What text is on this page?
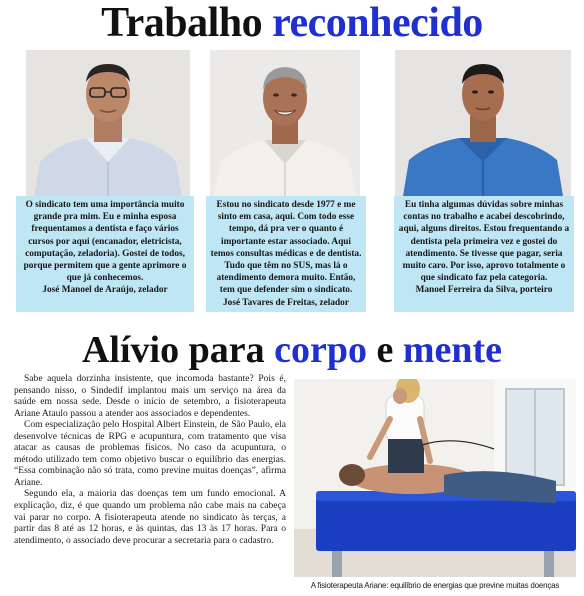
Trabalho reconhecido
O sindicato tem uma importância muito grande pra mim. Eu e minha esposa frequentamos a dentista e faço vários cursos por aqui (encanador, eletricista, computação, zeladoria). Gostei de todos, porque permitem que a gente aprimore o que já conhecemos.
José Manoel de Araújo, zelador
Estou no sindicato desde 1977 e me sinto em casa, aqui. Com todo esse tempo, dá pra ver o quanto é importante estar associado. Aqui temos consultas médicas e de dentista. Tudo que têm no SUS, mas lá o atendimento demora muito. Então, tem que defender sim o sindicato.
José Tavares de Freitas, zelador
Eu tinha algumas dúvidas sobre minhas contas no trabalho e acabei descobrindo, aqui, alguns direitos. Estou frequentando a dentista pela primeira vez e gostei do atendimento. Se tivesse que pagar, seria muito caro. Por isso, aprovo totalmente o que sindicato faz pela categoria.
Manoel Ferreira da Silva, porteiro
Alívio para corpo e mente

Sabe aquela dorzinha insistente, que incomoda bastante? Pois é, pensando nisso, o Sindedif implantou mais um serviço na área da saúde em nossa sede. Desde o início de setembro, a fisioterapeuta Ariane Ataulo passou a atender aos associados e dependentes.

Com especialização pelo Hospital Albert Einstein, de São Paulo, ela desenvolve técnicas de RPG e acupuntura, com tratamento que visa atacar as causas de problemas físicos. No caso da acupuntura, o método utilizado tem como objetivo buscar o equilíbrio das energias. “Essa combinação não só trata, como previne muitas doenças”, afirma Ariane.

Segundo ela, a maioria das doenças tem um fundo emocional. A explicação, diz, é que quando um problema não cabe mais na cabeça vai parar no corpo. A fisioterapeuta atende no sindicato às terças, a partir das 8 até as 12 horas, e às quintas, das 13 às 17 horas. Para o atendimento, o associado deve procurar a secretaria para o cadastro.

A fisioterapeuta Ariane: equilíbrio de energias que previne muitas doenças
